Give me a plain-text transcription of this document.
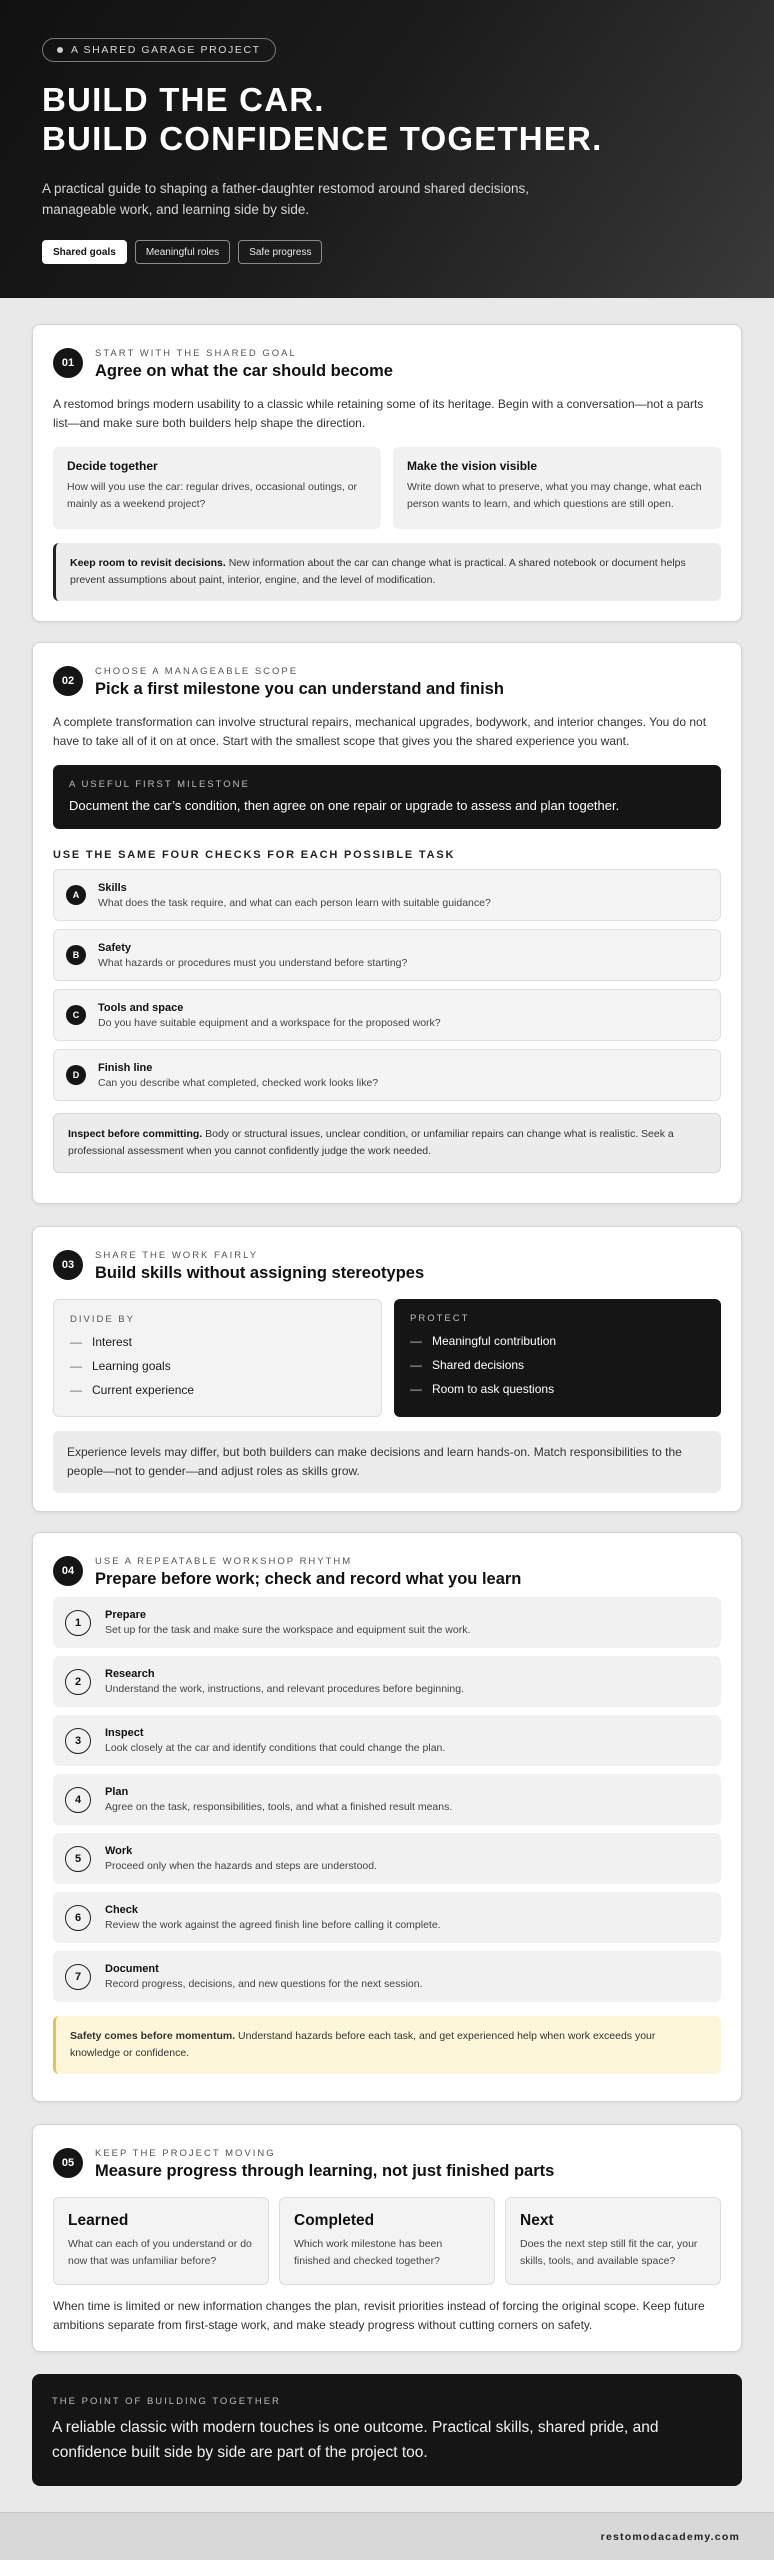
A SHARED GARAGE PROJECT
BUILD THE CAR.
BUILD CONFIDENCE TOGETHER.

A practical guide to shaping a father-daughter restomod around shared decisions, manageable work, and learning side by side.

Shared goals	Meaningful roles	Safe progress
01
START WITH THE SHARED GOAL
Agree on what the car should become

A restomod brings modern usability to a classic while retaining some of its heritage. Begin with a conversation—not a parts list—and make sure both builders help shape the direction.

Decide together
How will you use the car: regular drives, occasional outings, or mainly as a weekend project?
Make the vision visible
Write down what to preserve, what you may change, what each person wants to learn, and which questions are still open.
Keep room to revisit decisions. New information about the car can change what is practical. A shared notebook or document helps prevent assumptions about paint, interior, engine, and the level of modification.
02
CHOOSE A MANAGEABLE SCOPE
Pick a first milestone you can understand and finish

A complete transformation can involve structural repairs, mechanical upgrades, bodywork, and interior changes. You do not have to take all of it on at once. Start with the smallest scope that gives you the shared experience you want.

A USEFUL FIRST MILESTONE
Document the car’s condition, then agree on one repair or upgrade to assess and plan together.
USE THE SAME FOUR CHECKS FOR EACH POSSIBLE TASK
A
Skills
What does the task require, and what can each person learn with suitable guidance?
B
Safety
What hazards or procedures must you understand before starting?
C
Tools and space
Do you have suitable equipment and a workspace for the proposed work?
D
Finish line
Can you describe what completed, checked work looks like?
Inspect before committing. Body or structural issues, unclear condition, or unfamiliar repairs can change what is realistic. Seek a professional assessment when you cannot confidently judge the work needed.
03
SHARE THE WORK FAIRLY
Build skills without assigning stereotypes
DIVIDE BY
— Interest
— Learning goals
— Current experience
PROTECT
— Meaningful contribution
— Shared decisions
— Room to ask questions
Experience levels may differ, but both builders can make decisions and learn hands-on. Match responsibilities to the people—not to gender—and adjust roles as skills grow.
04
USE A REPEATABLE WORKSHOP RHYTHM
Prepare before work; check and record what you learn
1
Prepare
Set up for the task and make sure the workspace and equipment suit the work.
2
Research
Understand the work, instructions, and relevant procedures before beginning.
3
Inspect
Look closely at the car and identify conditions that could change the plan.
4
Plan
Agree on the task, responsibilities, tools, and what a finished result means.
5
Work
Proceed only when the hazards and steps are understood.
6
Check
Review the work against the agreed finish line before calling it complete.
7
Document
Record progress, decisions, and new questions for the next session.
Safety comes before momentum. Understand hazards before each task, and get experienced help when work exceeds your knowledge or confidence.
05
KEEP THE PROJECT MOVING
Measure progress through learning, not just finished parts
Learned
What can each of you understand or do now that was unfamiliar before?
Completed
Which work milestone has been finished and checked together?
Next
Does the next step still fit the car, your skills, tools, and available space?

When time is limited or new information changes the plan, revisit priorities instead of forcing the original scope. Keep future ambitions separate from first-stage work, and make steady progress without cutting corners on safety.

THE POINT OF BUILDING TOGETHER
A reliable classic with modern touches is one outcome. Practical skills, shared pride, and confidence built side by side are part of the project too.
restomodacademy.com
